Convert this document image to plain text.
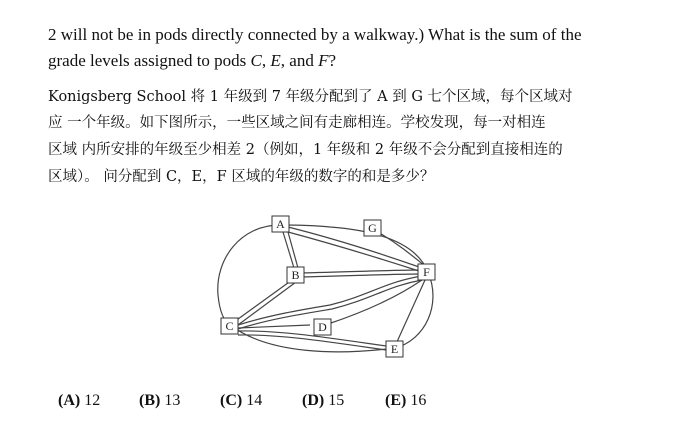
2 will not be in pods directly connected by a walkway.) What is the sum of the
grade levels assigned to pods C, E, and F?
Konigsberg School 将 1 年级到 7 年级分配到了 A 到 G 七个区域，每个区域对
应 一个年级。如下图所示，一些区域之间有走廊相连。学校发现，每一对相连
区域 内所安排的年级至少相差 2（例如，1 年级和 2 年级不会分配到直接相连的
区域）。 问分配到 C，E，F 区域的年级的数字的和是多少？
A	G
B	F
C	D
E
(A) 12 (B) 13 (C) 14 (D) 15	(E) 16
